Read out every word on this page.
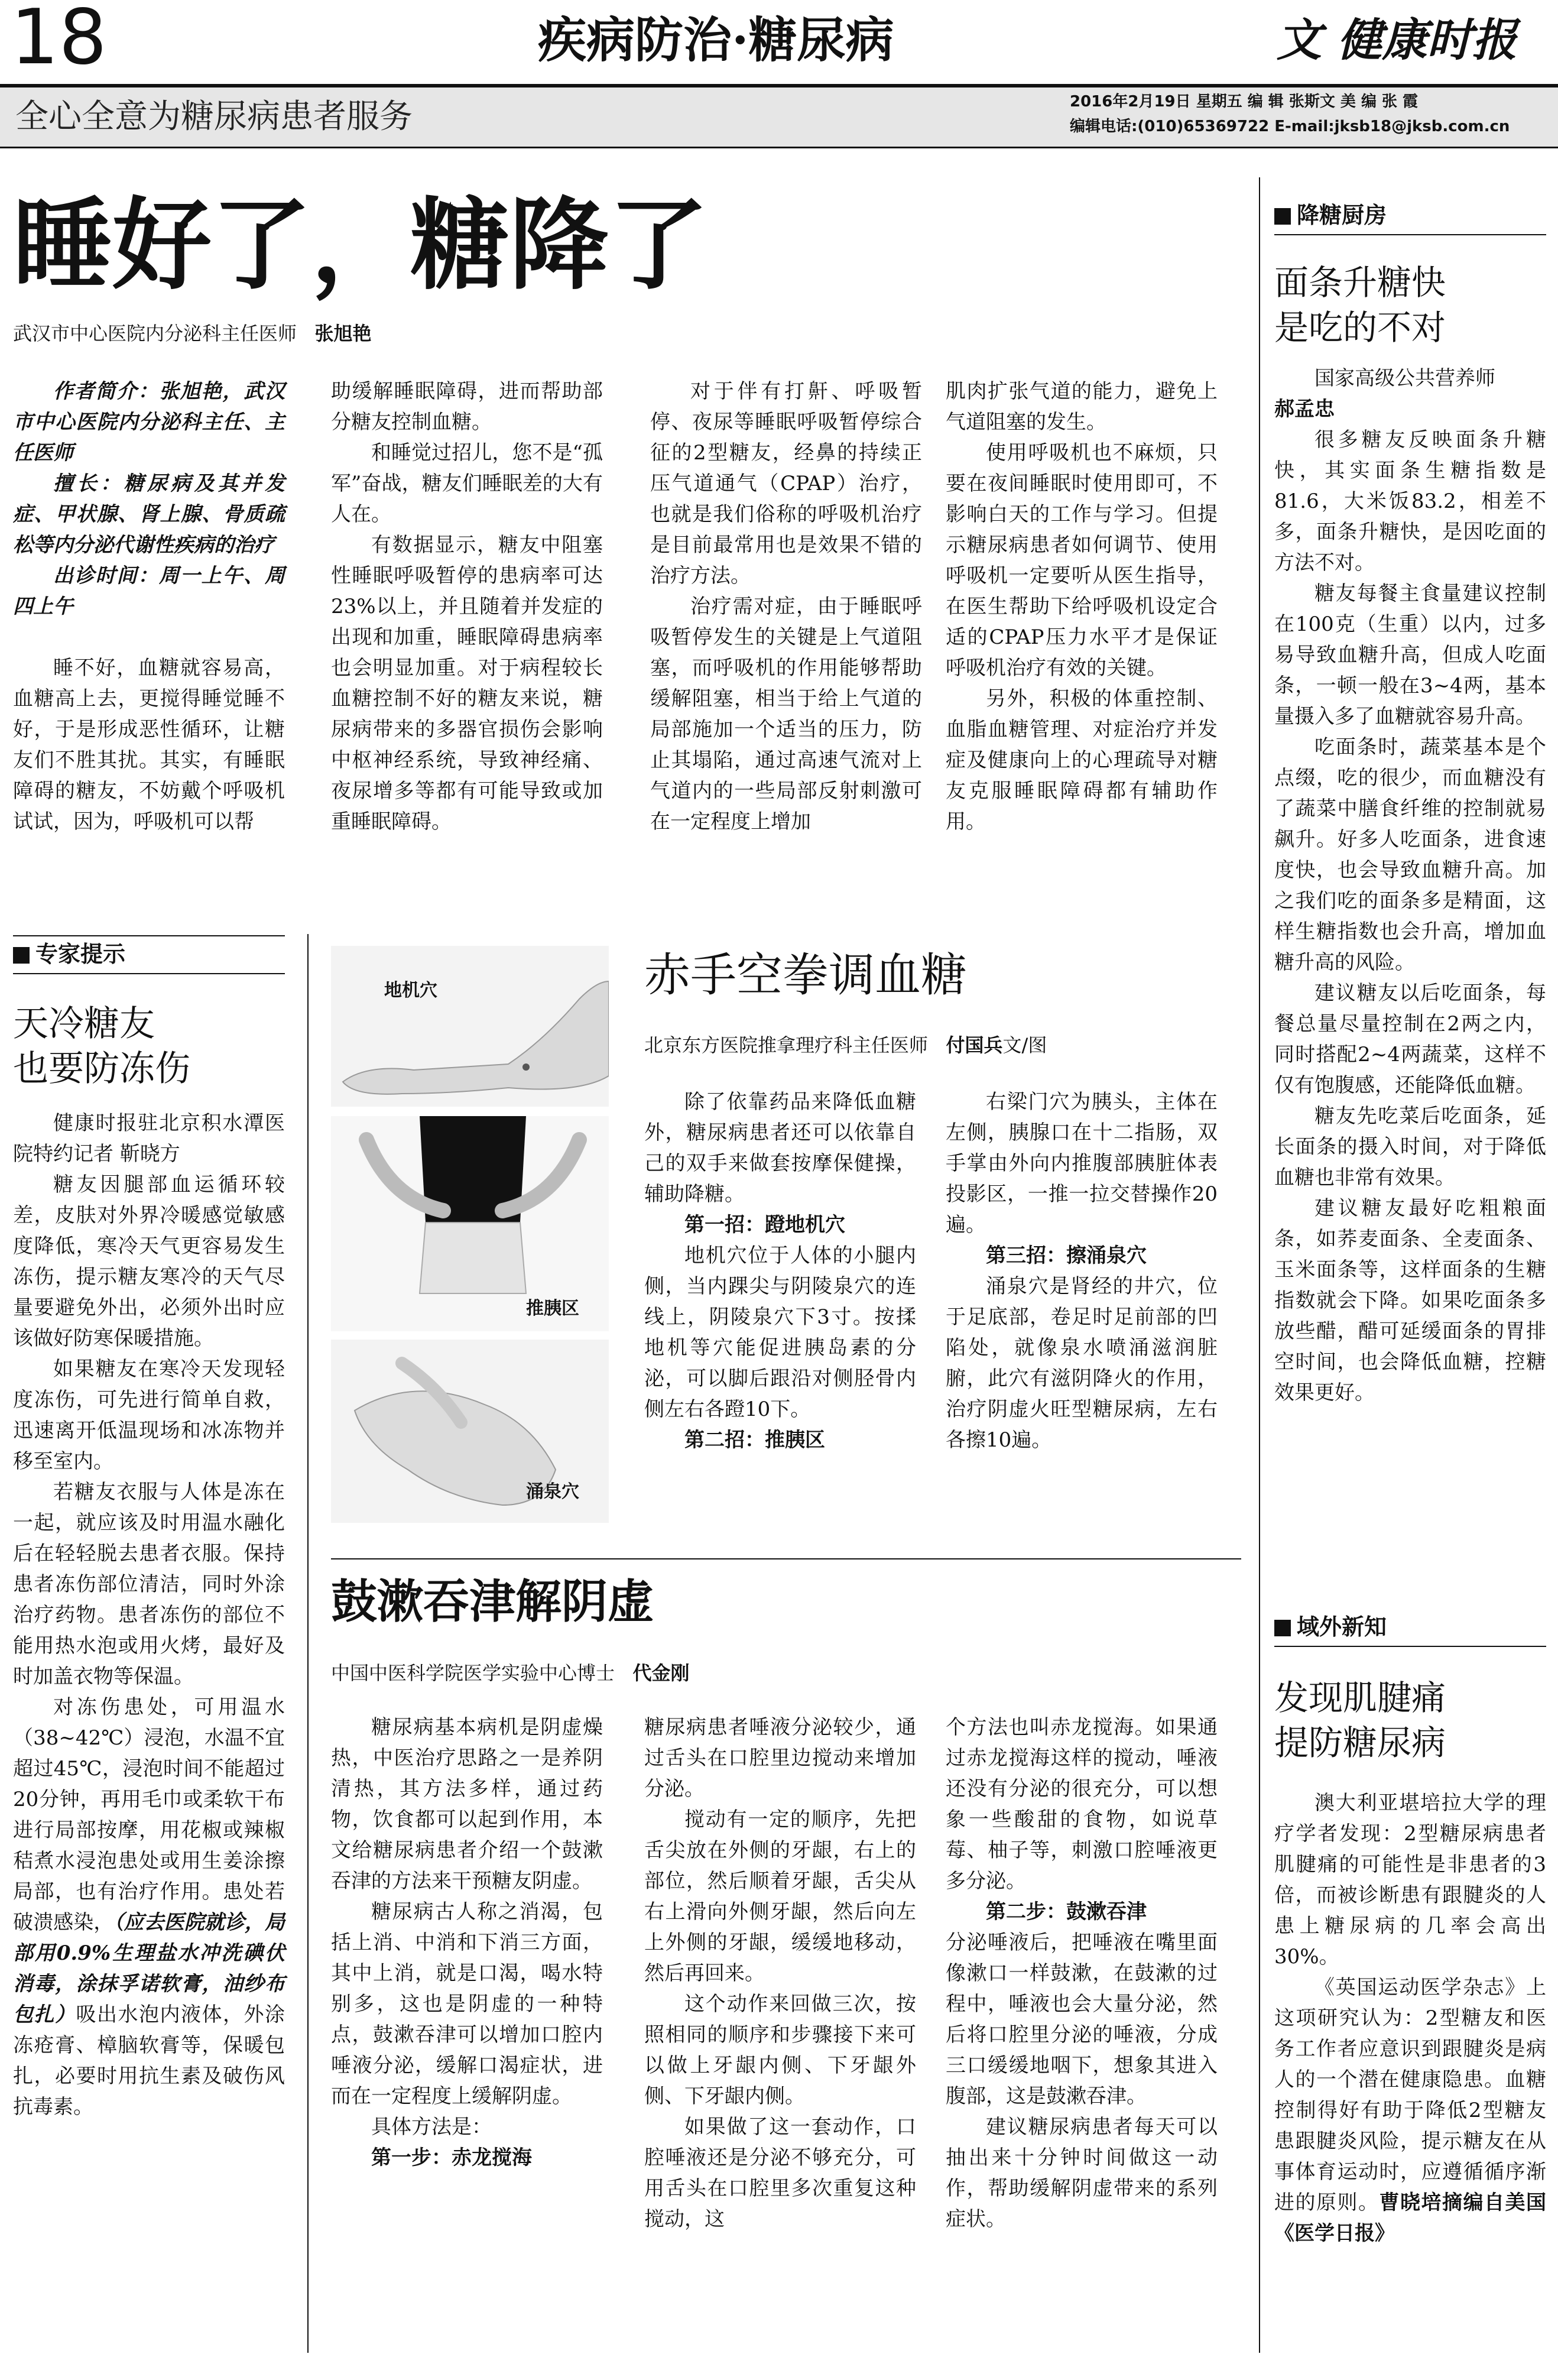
18	疾病防治·糖尿病	文 健康时报
全心全意为糖尿病患者服务	2016年2月19日 星期五 编 辑 张斯文 美 编 张 霞
编辑电话:(010)65369722 E-mail:jksb18@jksb.com.cn
睡好了，糖降了
武汉市中心医院内分泌科主任医师 张旭艳

作者简介：张旭艳，武汉市中心医院内分泌科主任、主任医师

擅长：糖尿病及其并发症、甲状腺、肾上腺、骨质疏松等内分泌代谢性疾病的治疗

出诊时间：周一上午、周四上午

睡不好，血糖就容易高，血糖高上去，更搅得睡觉睡不好，于是形成恶性循环，让糖友们不胜其扰。其实，有睡眠障碍的糖友，不妨戴个呼吸机试试，因为，呼吸机可以帮

助缓解睡眠障碍，进而帮助部分糖友控制血糖。

和睡觉过招儿，您不是“孤军”奋战，糖友们睡眠差的大有人在。

有数据显示，糖友中阻塞性睡眠呼吸暂停的患病率可达23%以上，并且随着并发症的出现和加重，睡眠障碍患病率也会明显加重。对于病程较长血糖控制不好的糖友来说，糖尿病带来的多器官损伤会影响中枢神经系统，导致神经痛、夜尿增多等都有可能导致或加重睡眠障碍。

对于伴有打鼾、呼吸暂停、夜尿等睡眠呼吸暂停综合征的2型糖友，经鼻的持续正压气道通气（CPAP）治疗，也就是我们俗称的呼吸机治疗是目前最常用也是效果不错的治疗方法。

治疗需对症，由于睡眠呼吸暂停发生的关键是上气道阻塞，而呼吸机的作用能够帮助缓解阻塞，相当于给上气道的局部施加一个适当的压力，防止其塌陷，通过高速气流对上气道内的一些局部反射刺激可在一定程度上增加

肌肉扩张气道的能力，避免上气道阻塞的发生。

使用呼吸机也不麻烦，只要在夜间睡眠时使用即可，不影响白天的工作与学习。但提示糖尿病患者如何调节、使用呼吸机一定要听从医生指导，在医生帮助下给呼吸机设定合适的CPAP压力水平才是保证呼吸机治疗有效的关键。

另外，积极的体重控制、血脂血糖管理、对症治疗并发症及健康向上的心理疏导对糖友克服睡眠障碍都有辅助作用。

专家提示
天冷糖友
也要防冻伤

健康时报驻北京积水潭医院特约记者 靳晓方

糖友因腿部血运循环较差，皮肤对外界冷暖感觉敏感度降低，寒冷天气更容易发生冻伤，提示糖友寒冷的天气尽量要避免外出，必须外出时应该做好防寒保暖措施。

如果糖友在寒冷天发现轻度冻伤，可先进行简单自救，迅速离开低温现场和冰冻物并移至室内。

若糖友衣服与人体是冻在一起，就应该及时用温水融化后在轻轻脱去患者衣服。保持患者冻伤部位清洁，同时外涂治疗药物。患者冻伤的部位不能用热水泡或用火烤，最好及时加盖衣物等保温。

对冻伤患处，可用温水（38~42℃）浸泡，水温不宜超过45℃，浸泡时间不能超过20分钟，再用毛巾或柔软干布进行局部按摩，用花椒或辣椒秸煮水浸泡患处或用生姜涂擦局部，也有治疗作用。患处若破溃感染，（应去医院就诊，局部用0.9%生理盐水冲洗碘伏消毒，涂抹孚诺软膏，油纱布包扎）吸出水泡内液体，外涂冻疮膏、樟脑软膏等，保暖包扎，必要时用抗生素及破伤风抗毒素。

地机穴
推胰区
涌泉穴
赤手空拳调血糖
北京东方医院推拿理疗科主任医师 付国兵文/图

除了依靠药品来降低血糖外，糖尿病患者还可以依靠自己的双手来做套按摩保健操，辅助降糖。

第一招：蹬地机穴

地机穴位于人体的小腿内侧，当内踝尖与阴陵泉穴的连线上，阴陵泉穴下3寸。按揉地机等穴能促进胰岛素的分泌，可以脚后跟沿对侧胫骨内侧左右各蹬10下。

第二招：推胰区

右梁门穴为胰头，主体在左侧，胰腺口在十二指肠，双手掌由外向内推腹部胰脏体表投影区，一推一拉交替操作20遍。

第三招：擦涌泉穴

涌泉穴是肾经的井穴，位于足底部，卷足时足前部的凹陷处，就像泉水喷涌滋润脏腑，此穴有滋阴降火的作用，治疗阴虚火旺型糖尿病，左右各擦10遍。

鼓漱吞津解阴虚
中国中医科学院医学实验中心博士 代金刚

糖尿病基本病机是阴虚燥热，中医治疗思路之一是养阴清热，其方法多样，通过药物，饮食都可以起到作用，本文给糖尿病患者介绍一个鼓漱吞津的方法来干预糖友阴虚。

糖尿病古人称之消渴，包括上消、中消和下消三方面，其中上消，就是口渴，喝水特别多，这也是阴虚的一种特点，鼓漱吞津可以增加口腔内唾液分泌，缓解口渴症状，进而在一定程度上缓解阴虚。

具体方法是：

第一步：赤龙搅海

糖尿病患者唾液分泌较少，通过舌头在口腔里边搅动来增加分泌。

搅动有一定的顺序，先把舌尖放在外侧的牙龈，右上的部位，然后顺着牙龈，舌尖从右上滑向外侧牙龈，然后向左上外侧的牙龈，缓缓地移动，然后再回来。

这个动作来回做三次，按照相同的顺序和步骤接下来可以做上牙龈内侧、下牙龈外侧、下牙龈内侧。

如果做了这一套动作，口腔唾液还是分泌不够充分，可用舌头在口腔里多次重复这种搅动，这

个方法也叫赤龙搅海。如果通过赤龙搅海这样的搅动，唾液还没有分泌的很充分，可以想象一些酸甜的食物，如说草莓、柚子等，刺激口腔唾液更多分泌。

第二步：鼓漱吞津

分泌唾液后，把唾液在嘴里面像漱口一样鼓漱，在鼓漱的过程中，唾液也会大量分泌，然后将口腔里分泌的唾液，分成三口缓缓地咽下，想象其进入腹部，这是鼓漱吞津。

建议糖尿病患者每天可以抽出来十分钟时间做这一动作，帮助缓解阴虚带来的系列症状。

降糖厨房
面条升糖快
是吃的不对

国家高级公共营养师

郝孟忠

很多糖友反映面条升糖快，其实面条生糖指数是81.6，大米饭83.2，相差不多，面条升糖快，是因吃面的方法不对。

糖友每餐主食量建议控制在100克（生重）以内，过多易导致血糖升高，但成人吃面条，一顿一般在3~4两，基本量摄入多了血糖就容易升高。

吃面条时，蔬菜基本是个点缀，吃的很少，而血糖没有了蔬菜中膳食纤维的控制就易飙升。好多人吃面条，进食速度快，也会导致血糖升高。加之我们吃的面条多是精面，这样生糖指数也会升高，增加血糖升高的风险。

建议糖友以后吃面条，每餐总量尽量控制在2两之内，同时搭配2~4两蔬菜，这样不仅有饱腹感，还能降低血糖。

糖友先吃菜后吃面条，延长面条的摄入时间，对于降低血糖也非常有效果。

建议糖友最好吃粗粮面条，如荞麦面条、全麦面条、玉米面条等，这样面条的生糖指数就会下降。如果吃面条多放些醋，醋可延缓面条的胃排空时间，也会降低血糖，控糖效果更好。

域外新知
发现肌腱痛
提防糖尿病

澳大利亚堪培拉大学的理疗学者发现：2型糖尿病患者肌腱痛的可能性是非患者的3倍，而被诊断患有跟腱炎的人患上糖尿病的几率会高出30%。

《英国运动医学杂志》上这项研究认为：2型糖友和医务工作者应意识到跟腱炎是病人的一个潜在健康隐患。血糖控制得好有助于降低2型糖友患跟腱炎风险，提示糖友在从事体育运动时，应遵循循序渐进的原则。曹晓培摘编自美国《医学日报》
